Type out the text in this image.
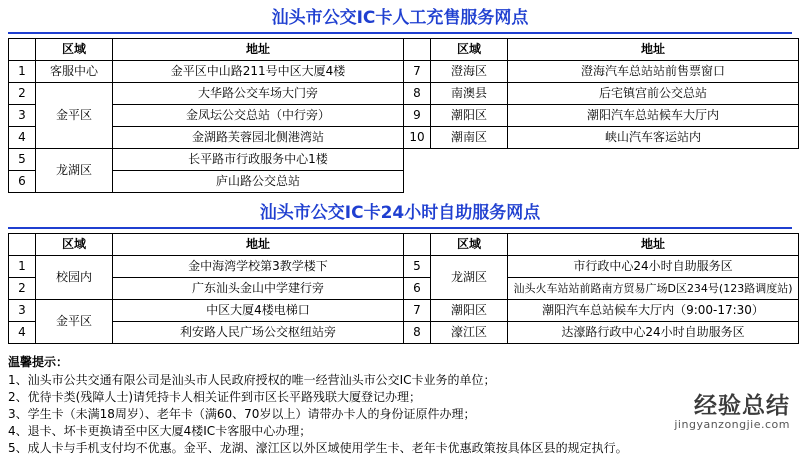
汕头市公交IC卡人工充售服务网点
	区域	地址		区域	地址
1	客服中心	金平区中山路211号中区大厦4楼	7	澄海区	澄海汽车总站站前售票窗口
2	金平区	大华路公交车场大门旁	8	南澳县	后宅镇宫前公交总站
3		金凤坛公交总站（中行旁）	9	潮阳区	潮阳汽车总站候车大厅内
4		金湖路芙蓉园北侧港湾站	10	潮南区	峡山汽车客运站内
5	龙湖区	长平路市行政服务中心1楼			
6		庐山路公交总站			
汕头市公交IC卡24小时自助服务网点
	区域	地址		区域	地址
1	校园内	金中海湾学校第3教学楼下	5	龙湖区	市行政中心24小时自助服务区
2		广东汕头金山中学建行旁	6		汕头火车站站前路南方贸易广场D区234号(123路调度站)
3	金平区	中区大厦4楼电梯口	7	潮阳区	潮阳汽车总站候车大厅内（9:00-17:30）
4		利安路人民广场公交枢纽站旁	8	濠江区	达濠路行政中心24小时自助服务区
温馨提示：

1、汕头市公共交通有限公司是汕头市人民政府授权的唯一经营汕头市公交IC卡业务的单位；

2、优待卡类(残障人士)请凭持卡人相关证件到市区长平路残联大厦登记办理；

3、学生卡（未满18周岁）、老年卡（满60、70岁以上）请带办卡人的身份证原件办理；

4、退卡、坏卡更换请至中区大厦4楼IC卡客服中心办理；

5、成人卡与手机支付均不优惠。金平、龙湖、濠江区以外区域使用学生卡、老年卡优惠政策按具体区县的规定执行。

经验总结
jingyanzongjie.com
